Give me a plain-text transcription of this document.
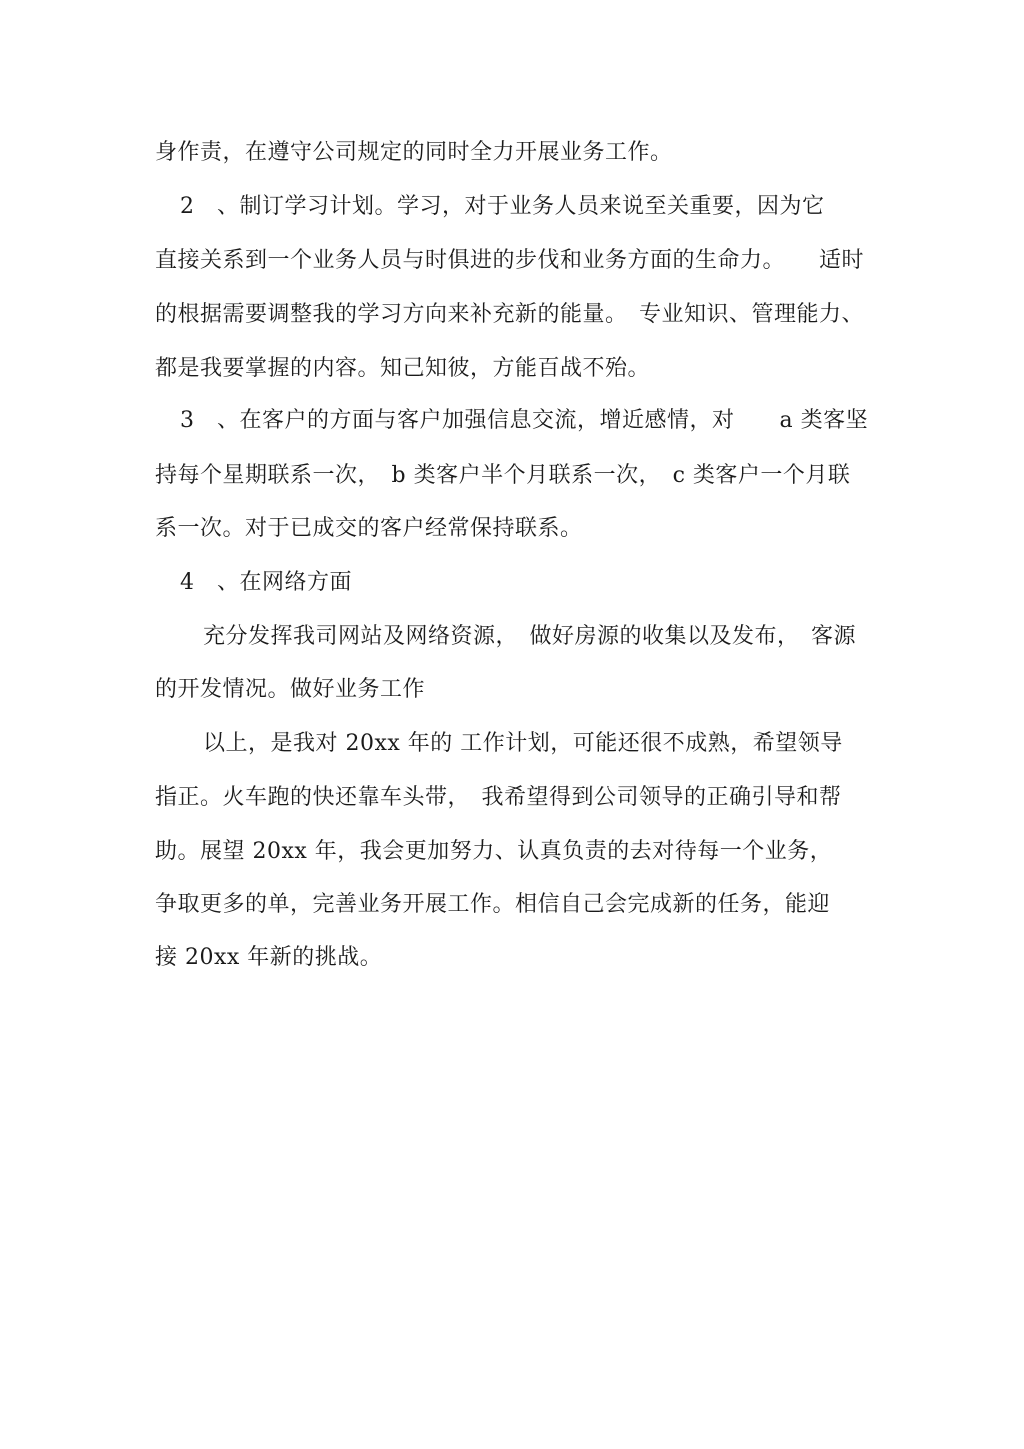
身作责，在遵守公司规定的同时全力开展业务工作。
2　、制订学习计划。学习，对于业务人员来说至关重要，因为它
直接关系到一个业务人员与时俱进的步伐和业务方面的生命力。　　适时
的根据需要调整我的学习方向来补充新的能量。　专业知识、管理能力、
都是我要掌握的内容。知己知彼，方能百战不殆。
3　、在客户的方面与客户加强信息交流，增近感情，对　　a 类客坚
持每个星期联系一次，　b 类客户半个月联系一次，　c 类客户一个月联
系一次。对于已成交的客户经常保持联系。
4　、在网络方面
充分发挥我司网站及网络资源，　做好房源的收集以及发布，　客源
的开发情况。做好业务工作
以上，是我对 20xx 年的 工作计划，可能还很不成熟，希望领导
指正。火车跑的快还靠车头带，　我希望得到公司领导的正确引导和帮
助。展望 20xx 年，我会更加努力、认真负责的去对待每一个业务，
争取更多的单，完善业务开展工作。相信自己会完成新的任务，能迎
接 20xx 年新的挑战。
